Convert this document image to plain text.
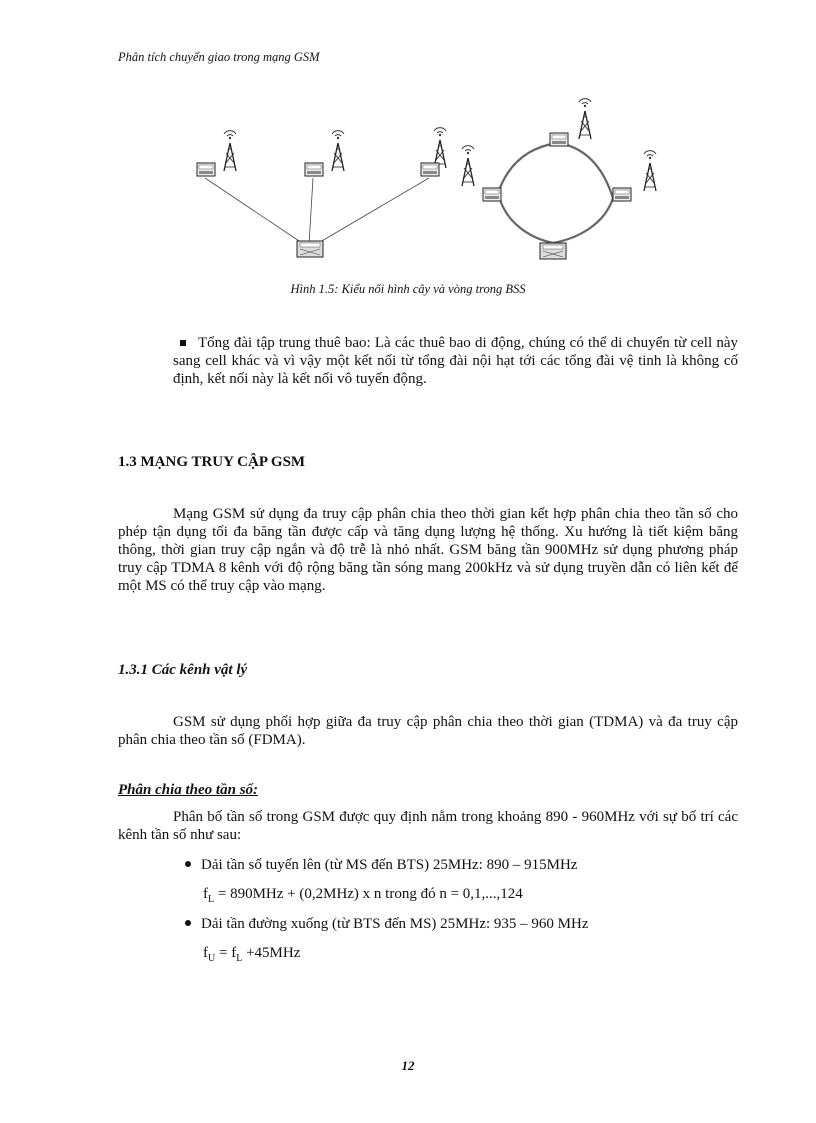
Phân tích chuyển giao trong mạng GSM
Hình 1.5: Kiểu nối hình cây và vòng trong BSS
Tổng đài tập trung thuê bao: Là các thuê bao di động, chúng có thể di chuyển từ cell này sang cell khác và vì vậy một kết nối từ tổng đài nội hạt tới các tổng đài vệ tinh là không cố định, kết nối này là kết nối vô tuyến động.
1.3 MẠNG TRUY CẬP GSM
Mạng GSM sử dụng đa truy cập phân chia theo thời gian kết hợp phân chia theo tần số cho phép tận dụng tối đa băng tần được cấp và tăng dụng lượng hệ thống. Xu hướng là tiết kiệm băng thông, thời gian truy cập ngắn và độ trễ là nhỏ nhất. GSM băng tần 900MHz sử dụng phương pháp truy cập TDMA 8 kênh với độ rộng băng tần sóng mang 200kHz và sử dụng truyền dẫn có liên kết để một MS có thể truy cập vào mạng.
1.3.1 Các kênh vật lý
GSM sử dụng phối hợp giữa đa truy cập phân chia theo thời gian (TDMA) và đa truy cập phân chia theo tần số (FDMA).
Phân chia theo tần số:
Phân bố tần số trong GSM được quy định nằm trong khoảng 890 - 960MHz với sự bố trí các kênh tần số như sau:
Dải tần số tuyến lên (từ MS đến BTS) 25MHz: 890 – 915MHz
$f_L = 890MHz + (0,2MHz)$ x n trong đó n = 0,1,...,124
Dải tần đường xuống (từ BTS đến MS) 25MHz: 935 – 960 MHz
$f_U = f_L +45MHz$
12
